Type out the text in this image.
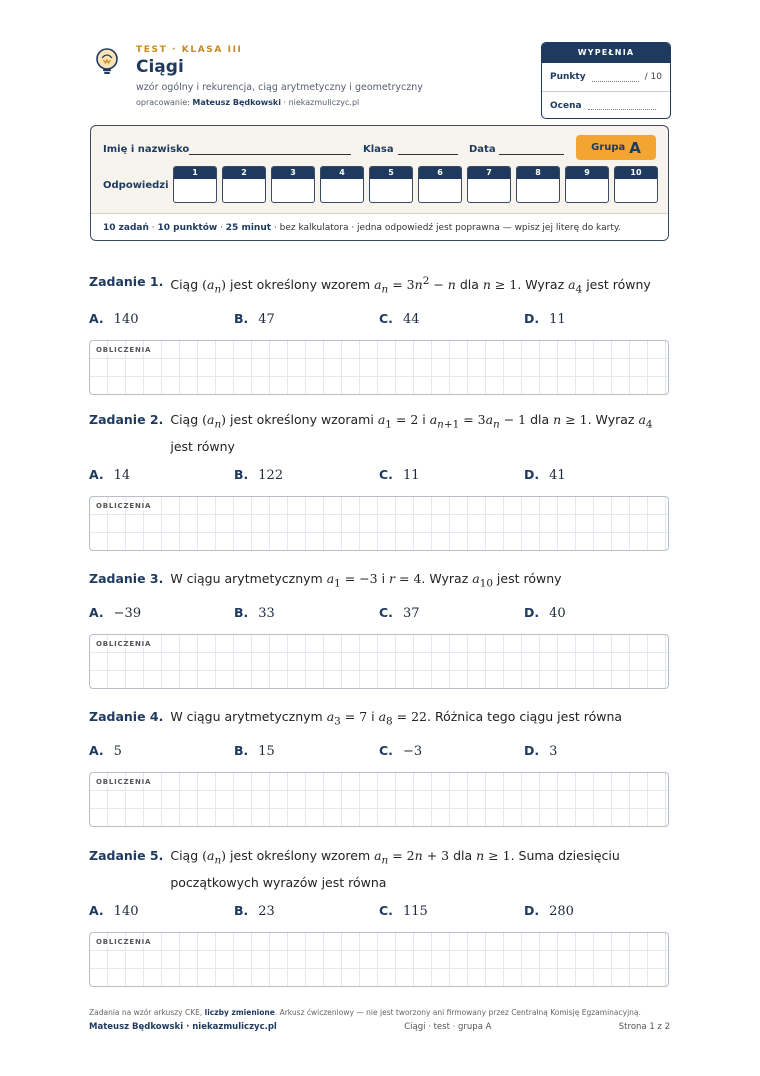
TEST · KLASA III
Ciągi
wzór ogólny i rekurencja, ciąg arytmetyczny i geometryczny
opracowanie: Mateusz Będkowski · niekazmuliczyc.pl
WYPEŁNIA NAUCZYCIEL
Punkty	/ 10
Ocena
Imię i nazwisko	Klasa	Data	Grupa A
Odpowiedzi
1	2	3	4	5	6	7	8	9	10
10 zadań · 10 punktów · 25 minut · bez kalkulatora · jedna odpowiedź jest poprawna — wpisz jej literę do karty.
Zadanie 1. Ciąg $(a_n)$ jest określony wzorem $a_n = 3n^2 - n$ dla n ≥ 1. Wyraz $a_4$ jest równy
A. 140	B. 47	C. 44	D. 11
OBLICZENIA
Zadanie 2. Ciąg $(a_n)$ jest określony wzorami $a_1 = 2$ i $a_{n+1} = 3a_n - 1$ dla n ≥ 1. Wyraz $a_4$ jest równy
A. 14	B. 122	C. 11	D. 41
OBLICZENIA
Zadanie 3. W ciągu arytmetycznym $a_1 = -3$ i r = 4. Wyraz $a_{10}$ jest równy
A. −39	B. 33	C. 37	D. 40
OBLICZENIA
Zadanie 4. W ciągu arytmetycznym $a_3 = 7$ i $a_8 = 22$. Różnica tego ciągu jest równa
A. 5	B. 15	C. −3	D. 3
OBLICZENIA
Zadanie 5. Ciąg $(a_n)$ jest określony wzorem $a_n = 2n + 3$ dla n ≥ 1. Suma dziesięciu początkowych wyrazów jest równa
A. 140	B. 23	C. 115	D. 280
OBLICZENIA
Zadania na wzór arkuszy CKE, liczby zmienione. Arkusz ćwiczeniowy — nie jest tworzony ani firmowany przez Centralną Komisję Egzaminacyjną.
Mateusz Będkowski · niekazmuliczyc.pl	Ciągi · test · grupa A	Strona 1 z 2
